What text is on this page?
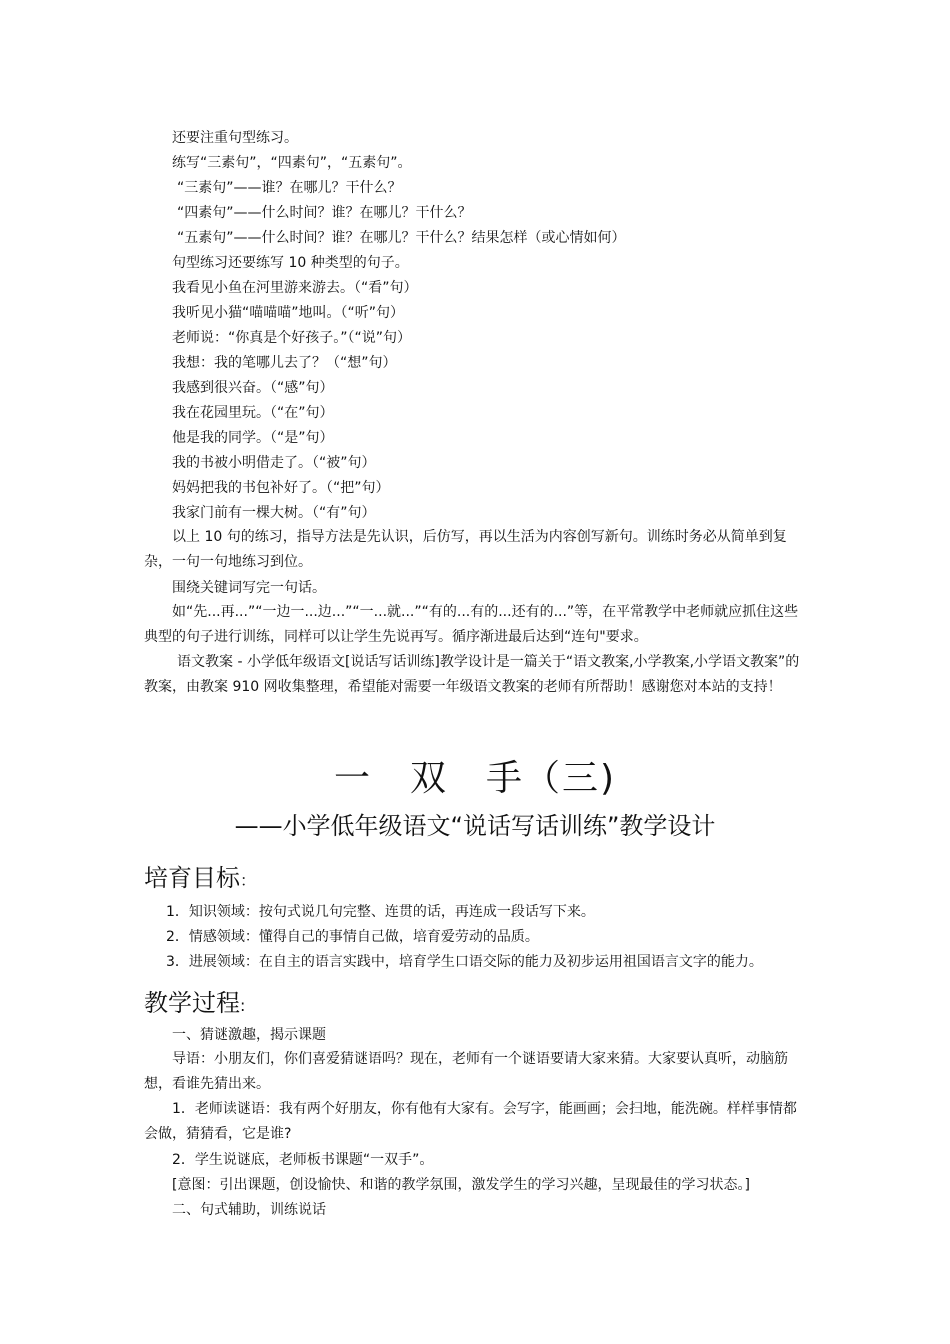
还要注重句型练习。
练写“三素句”，“四素句”，“五素句”。
“三素句”——谁？在哪儿？干什么？
“四素句”——什么时间？谁？在哪儿？干什么？
“五素句”——什么时间？谁？在哪儿？干什么？结果怎样（或心情如何）
句型练习还要练写 10 种类型的句子。
我看见小鱼在河里游来游去。（“看”句）
我听见小猫“喵喵喵”地叫。（“听”句）
老师说：“你真是个好孩子。”（“说”句）
我想：我的笔哪儿去了？（“想”句）
我感到很兴奋。（“感”句）
我在花园里玩。（“在”句）
他是我的同学。（“是”句）
我的书被小明借走了。（“被”句）
妈妈把我的书包补好了。（“把”句）
我家门前有一棵大树。（“有”句）
以上 10 句的练习，指导方法是先认识，后仿写，再以生活为内容创写新句。训练时务必从简单到复杂，一句一句地练习到位。
围绕关键词写完一句话。
如“先...再...”“一边一...边...”“一...就...”“有的...有的...还有的...”等，在平常教学中老师就应抓住这些典型的句子进行训练，同样可以让学生先说再写。循序渐进最后达到“连句"要求。
语文教案 - 小学低年级语文[说话写话训练]教学设计是一篇关于“语文教案,小学教案,小学语文教案”的教案，由教案 910 网收集整理，希望能对需要一年级语文教案的老师有所帮助！感谢您对本站的支持！
一　双　手（三)
——小学低年级语文“说话写话训练”教学设计
培育目标：
1．知识领域：按句式说几句完整、连贯的话，再连成一段话写下来。
2．情感领域：懂得自己的事情自己做，培育爱劳动的品质。
3．进展领域：在自主的语言实践中，培育学生口语交际的能力及初步运用祖国语言文字的能力。
教学过程:
一、猜谜激趣，揭示课题
导语：小朋友们，你们喜爱猜谜语吗？现在，老师有一个谜语要请大家来猜。大家要认真听，动脑筋想，看谁先猜出来。
1．老师读谜语：我有两个好朋友，你有他有大家有。会写字，能画画；会扫地，能洗碗。样样事情都会做，猜猜看，它是谁?
2．学生说谜底，老师板书课题“一双手”。
[意图：引出课题，创设愉快、和谐的教学氛围，激发学生的学习兴趣，呈现最佳的学习状态。]
二、句式辅助，训练说话
